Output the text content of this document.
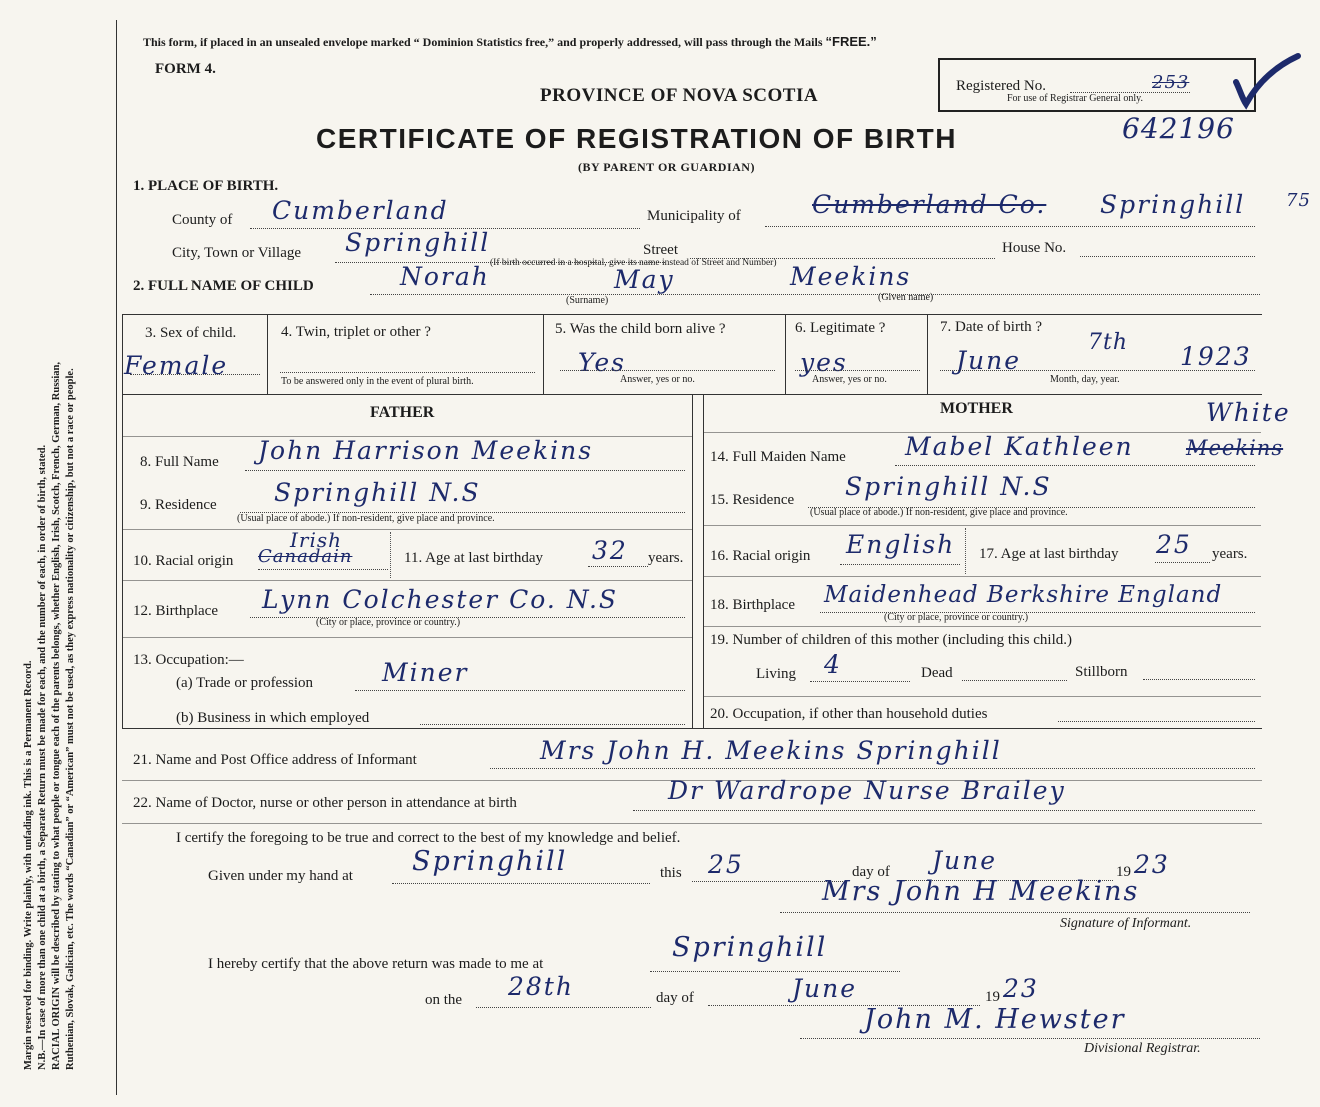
Margin reserved for binding. Write plainly, with unfading ink. This is a Permanent Record. N.B.—In case of more than one child at a birth, a Separate Return must be made for each, and the number of each, in order of birth, stated. RACIAL ORIGIN will be described by stating to what people or tongue each of the parents belongs, whether English, Irish, Scotch, French, German, Russian, Ruthenian, Slovak, Galician, etc. The words “Canadian” or “American” must not be used, as they express nationality or citizenship, but not a race or people.
This form, if placed in an unsealed envelope marked “ Dominion Statistics free,” and properly addressed, will pass through the Mails “FREE.”
FORM 4.
PROVINCE OF NOVA SCOTIA
CERTIFICATE OF REGISTRATION OF BIRTH
(BY PARENT OR GUARDIAN)
Registered No.	253
For use of Registrar General only.
642196
1. PLACE OF BIRTH.
County of Cumberland	Municipality of	Cumberland Co. Springhill 75
City, Town or Village Springhill	Street
(If birth occurred in a hospital, give its name instead of Street and Number)
House No.
2. FULL NAME OF CHILD	Norah	May	Meekins
(Surname)	(Given name)
3. Sex of child.
Female
4. Twin, triplet or other ?
To be answered only in the event of plural birth.
5. Was the child born alive ?
Yes
Answer, yes or no.
6. Legitimate ?
yes
Answer, yes or no.
7. Date of birth ?
June
7th 1923
Month, day, year.
FATHER
8. Full Name John Harrison Meekins
9. Residence Springhill N.S
(Usual place of abode.) If non-resident, give place and province.
10. Racial origin Canadain
Irish
11. Age at last birthday 32 years.
12. Birthplace Lynn Colchester Co. N.S
(City or place, province or country.)
13. Occupation:—
(a) Trade or profession	Miner
(b) Business in which employed
MOTHER
14. Full Maiden Name Mabel Kathleen Meekins
White
15. Residence Springhill N.S
(Usual place of abode.) If non-resident, give place and province.
16. Racial origin English 17. Age at last birthday 25 years.
18. Birthplace Maidenhead Berkshire England
(City or place, province or country.)
19. Number of children of this mother (including this child.)
Living 4	Dead	Stillborn
20. Occupation, if other than household duties
21. Name and Post Office address of Informant	Mrs John H. Meekins Springhill
22. Name of Doctor, nurse or other person in attendance at birth	Dr Wardrope Nurse Brailey
I certify the foregoing to be true and correct to the best of my knowledge and belief.
Given under my hand at Springhill	this 25	day of June	19 23
Mrs John H Meekins
Signature of Informant.
I hereby certify that the above return was made to me at
Springhill
on the 28th	day of	June	19 23
John M. Hewster
Divisional Registrar.
